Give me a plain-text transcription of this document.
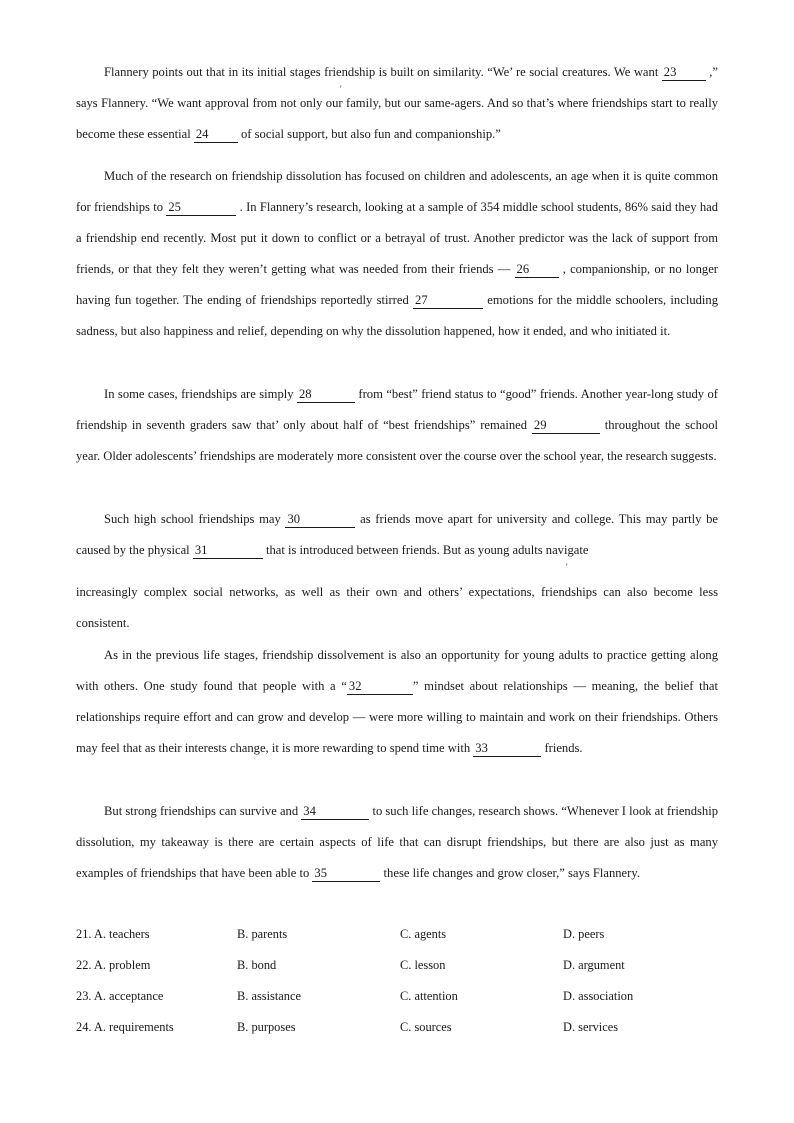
Flannery points out that in its initial stages friendship is built on similarity. “We’ re social creatures. We want 23 ,” says Flannery. “We want approval from not only our family, but our same-agers. And so that’s where friendships start to really become these essential 24 of social support, but also fun and companionship.”

'

Much of the research on friendship dissolution has focused on children and adolescents, an age when it is quite common for friendships to 25	. In Flannery’s research, looking at a sample of 354 middle school students, 86% said they had a friendship end recently. Most put it down to conflict or a betrayal of trust. Another predictor was the lack of support from friends, or that they felt they weren’t getting what was needed from their friends — 26 , companionship, or no longer having fun together. The ending of friendships reportedly stirred 27	emotions for the middle schoolers, including sadness, but also happiness and relief, depending on why the dissolution happened, how it ended, and who initiated it.

In some cases, friendships are simply 28	from “best” friend status to “good” friends. Another year-long study of friendship in seventh graders saw that’ only about half of “best friendships” remained 29	throughout the school year. Older adolescents’ friendships are moderately more consistent over the course over the school year, the research suggests.

Such high school friendships may 30	as friends move apart for university and college. This may partly be caused by the physical 31	that is introduced between friends. But as young adults navigate

'

increasingly complex social networks, as well as their own and others’ expectations, friendships can also become less consistent.

As in the previous life stages, friendship dissolvement is also an opportunity for young adults to practice getting along with others. One study found that people with a “ 32	” mindset about relationships — meaning, the belief that relationships require effort and can grow and develop — were more willing to maintain and work on their friendships. Others may feel that as their interests change, it is more rewarding to spend time with 33	friends.

But strong friendships can survive and 34	to such life changes, research shows. “Whenever I look at friendship dissolution, my takeaway is there are certain aspects of life that can disrupt friendships, but there are also just as many examples of friendships that have been able to 35	these life changes and grow closer,” says Flannery.

21. A. teachers	B. parents	C. agents	D. peers
22. A. problem	B. bond	C. lesson	D. argument
23. A. acceptance	B. assistance	C. attention	D. association
24. A. requirements	B. purposes	C. sources	D. services
